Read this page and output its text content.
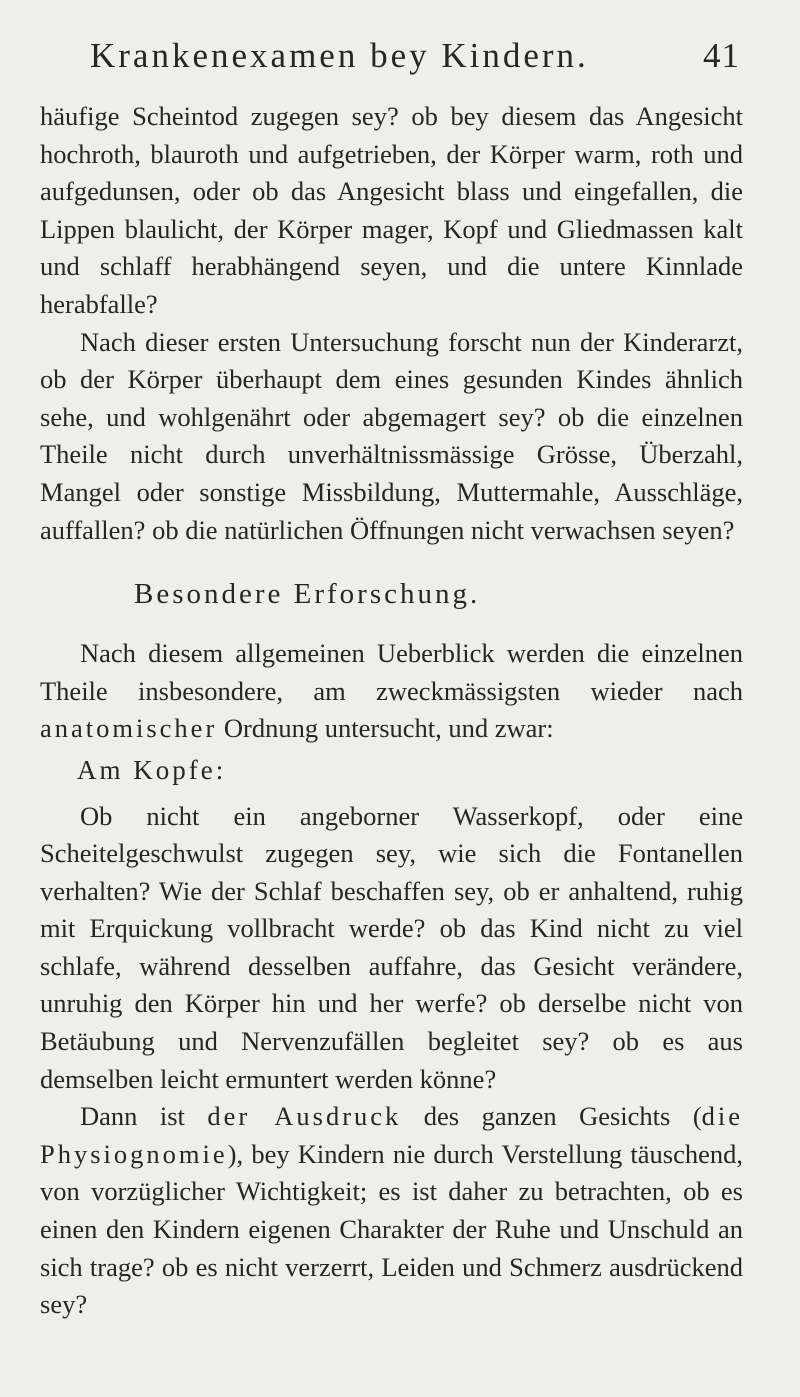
Krankenexamen bey Kindern.	41

häufige Scheintod zugegen sey? ob bey diesem das Angesicht hochroth, blauroth und aufgetrieben, der Körper warm, roth und aufgedunsen, oder ob das Angesicht blass und eingefallen, die Lippen blaulicht, der Körper mager, Kopf und Gliedmassen kalt und schlaff herabhängend seyen, und die untere Kinnlade herabfalle?

Nach dieser ersten Untersuchung forscht nun der Kinderarzt, ob der Körper überhaupt dem eines gesunden Kindes ähnlich sehe, und wohlgenährt oder abgemagert sey? ob die einzelnen Theile nicht durch unverhältnissmässige Grösse, Überzahl, Mangel oder sonstige Missbildung, Muttermahle, Ausschläge, auffallen? ob die natürlichen Öffnungen nicht verwachsen seyen?

Besondere Erforschung.

Nach diesem allgemeinen Ueberblick werden die einzelnen Theile insbesondere, am zweckmässigsten wieder nach anatomischer Ordnung untersucht, und zwar:

Am Kopfe:

Ob nicht ein angeborner Wasserkopf, oder eine Scheitelgeschwulst zugegen sey, wie sich die Fontanellen verhalten? Wie der Schlaf beschaffen sey, ob er anhaltend, ruhig mit Erquickung vollbracht werde? ob das Kind nicht zu viel schlafe, während desselben auffahre, das Gesicht verändere, unruhig den Körper hin und her werfe? ob derselbe nicht von Betäubung und Nervenzufällen begleitet sey? ob es aus demselben leicht ermuntert werden könne?

Dann ist der Ausdruck des ganzen Gesichts (die Physiognomie), bey Kindern nie durch Verstellung täuschend, von vorzüglicher Wichtigkeit; es ist daher zu betrachten, ob es einen den Kindern eigenen Charakter der Ruhe und Unschuld an sich trage? ob es nicht verzerrt, Leiden und Schmerz ausdrückend sey?
